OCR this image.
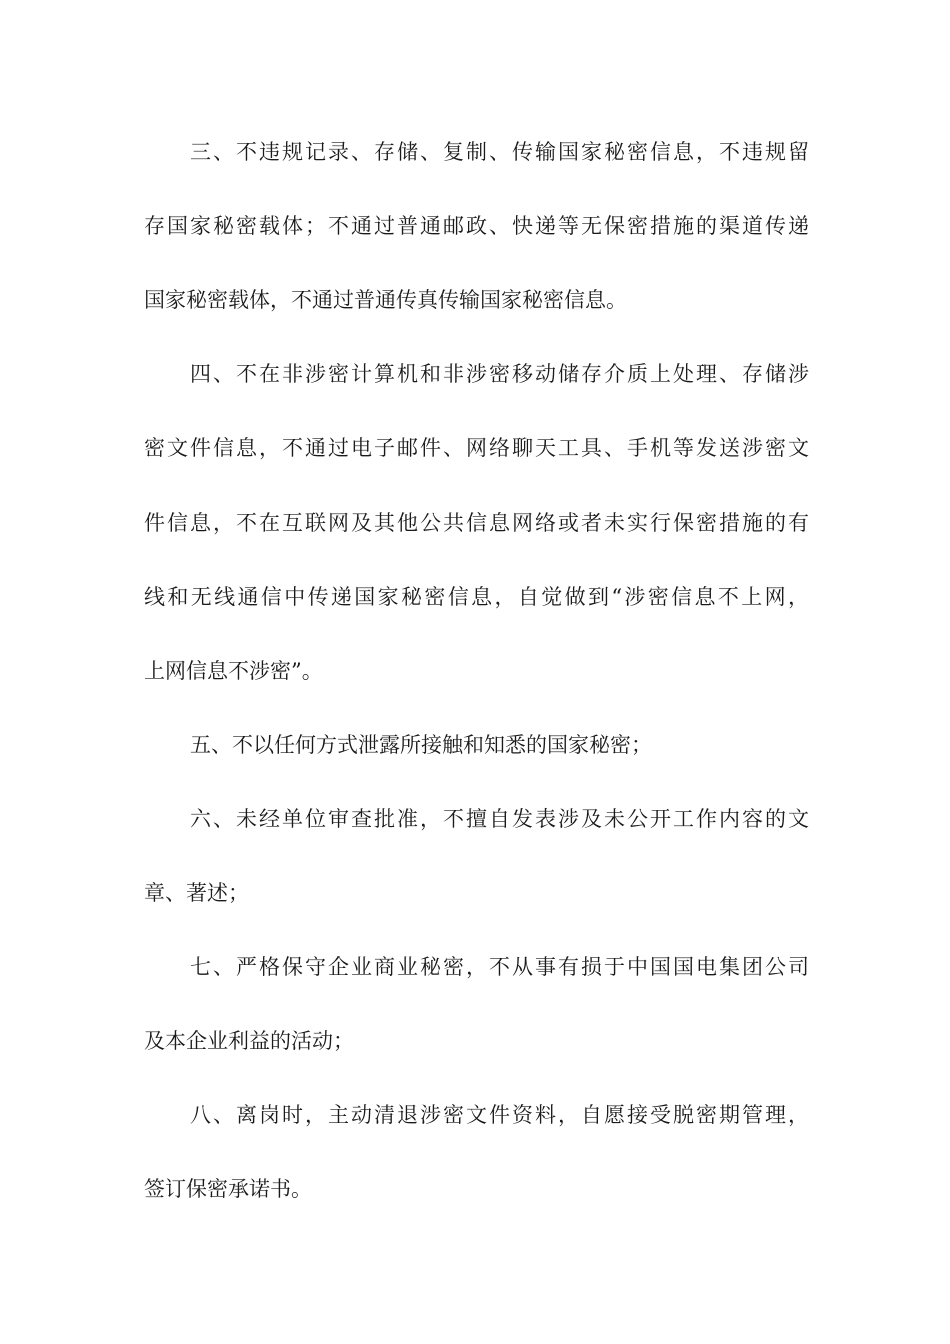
三、不违规记录、存储、复制、传输国家秘密信息，不违规留
存国家秘密载体；不通过普通邮政、快递等无保密措施的渠道传递
国家秘密载体，不通过普通传真传输国家秘密信息。
四、不在非涉密计算机和非涉密移动储存介质上处理、存储涉
密文件信息，不通过电子邮件、网络聊天工具、手机等发送涉密文
件信息，不在互联网及其他公共信息网络或者未实行保密措施的有
线和无线通信中传递国家秘密信息，自觉做到“涉密信息不上网，
上网信息不涉密”。
五、不以任何方式泄露所接触和知悉的国家秘密；
六、未经单位审查批准，不擅自发表涉及未公开工作内容的文
章、著述；
七、严格保守企业商业秘密，不从事有损于中国国电集团公司
及本企业利益的活动；
八、离岗时，主动清退涉密文件资料，自愿接受脱密期管理，
签订保密承诺书。
